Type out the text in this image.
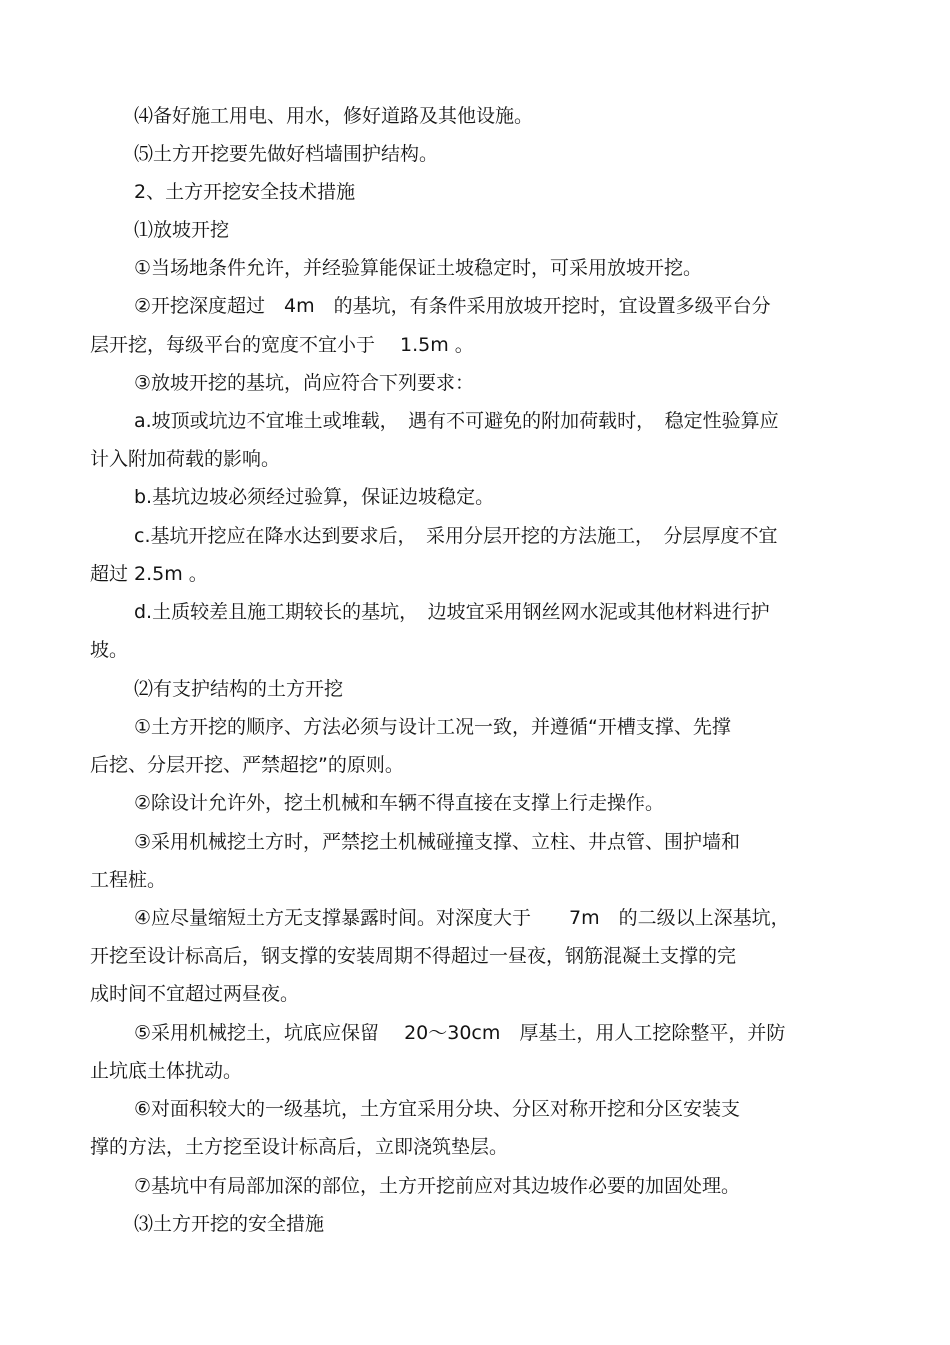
⑷备好施工用电、用水，修好道路及其他设施。
⑸土方开挖要先做好档墙围护结构。
2、土方开挖安全技术措施
⑴放坡开挖
①当场地条件允许，并经验算能保证土坡稳定时，可采用放坡开挖。
②开挖深度超过　4m　的基坑，有条件采用放坡开挖时，宜设置多级平台分
层开挖，每级平台的宽度不宜小于　 1.5m 。
③放坡开挖的基坑，尚应符合下列要求：
a.坡顶或坑边不宜堆土或堆载，　遇有不可避免的附加荷载时，　稳定性验算应
计入附加荷载的影响。
b.基坑边坡必须经过验算，保证边坡稳定。
c.基坑开挖应在降水达到要求后，　采用分层开挖的方法施工，　分层厚度不宜
超过 2.5m 。
d.土质较差且施工期较长的基坑，　边坡宜采用钢丝网水泥或其他材料进行护
坡。
⑵有支护结构的土方开挖
①土方开挖的顺序、方法必须与设计工况一致，并遵循“开槽支撑、先撑
后挖、分层开挖、严禁超挖”的原则。
②除设计允许外，挖土机械和车辆不得直接在支撑上行走操作。
③采用机械挖土方时，严禁挖土机械碰撞支撑、立柱、井点管、围护墙和
工程桩。
④应尽量缩短土方无支撑暴露时间。对深度大于　　7m　的二级以上深基坑，
开挖至设计标高后，钢支撑的安装周期不得超过一昼夜，钢筋混凝土支撑的完
成时间不宜超过两昼夜。
⑤采用机械挖土，坑底应保留　 20～30cm　厚基土，用人工挖除整平，并防
止坑底土体扰动。
⑥对面积较大的一级基坑，土方宜采用分块、分区对称开挖和分区安装支
撑的方法，土方挖至设计标高后，立即浇筑垫层。
⑦基坑中有局部加深的部位，土方开挖前应对其边坡作必要的加固处理。
⑶土方开挖的安全措施
